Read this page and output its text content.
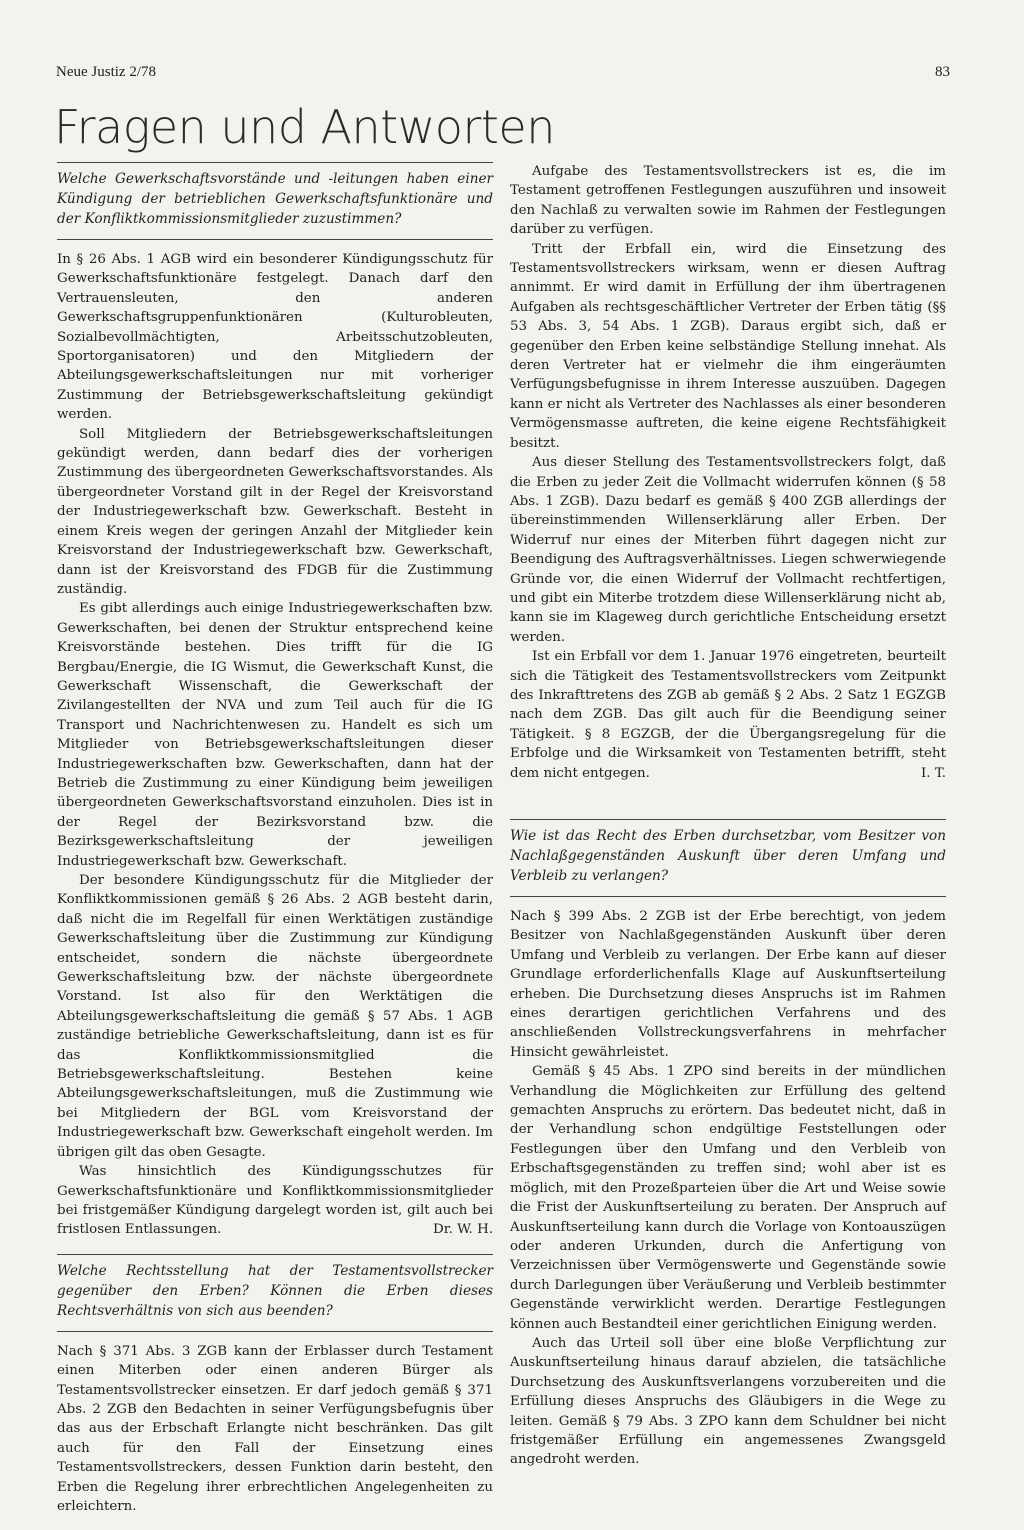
Neue Justiz 2/78	83
Fragen und Antworten
Welche Gewerkschaftsvorstände und -leitungen haben einer Kündigung der betrieblichen Gewerkschaftsfunktionäre und der Konfliktkommissionsmitglieder zuzustimmen?

In § 26 Abs. 1 AGB wird ein besonderer Kündigungsschutz für Gewerkschaftsfunktionäre festgelegt. Danach darf den Vertrauensleuten, den anderen Gewerkschaftsgruppenfunktionären (Kulturobleuten, Sozialbevollmächtigten, Arbeitsschutzobleuten, Sportorganisatoren) und den Mitgliedern der Abteilungsgewerkschaftsleitungen nur mit vorheriger Zustimmung der Betriebsgewerkschaftsleitung gekündigt werden.

Soll Mitgliedern der Betriebsgewerkschaftsleitungen gekündigt werden, dann bedarf dies der vorherigen Zustimmung des übergeordneten Gewerkschaftsvorstandes. Als übergeordneter Vorstand gilt in der Regel der Kreisvorstand der Industriegewerkschaft bzw. Gewerkschaft. Besteht in einem Kreis wegen der geringen Anzahl der Mitglieder kein Kreisvorstand der Industriegewerkschaft bzw. Gewerkschaft, dann ist der Kreisvorstand des FDGB für die Zustimmung zuständig.

Es gibt allerdings auch einige Industriegewerkschaften bzw. Gewerkschaften, bei denen der Struktur entsprechend keine Kreisvorstände bestehen. Dies trifft für die IG Bergbau/Energie, die IG Wismut, die Gewerkschaft Kunst, die Gewerkschaft Wissenschaft, die Gewerkschaft der Zivilangestellten der NVA und zum Teil auch für die IG Transport und Nachrichtenwesen zu. Handelt es sich um Mitglieder von Betriebsgewerkschaftsleitungen dieser Industriegewerkschaften bzw. Gewerkschaften, dann hat der Betrieb die Zustimmung zu einer Kündigung beim jeweiligen übergeordneten Gewerkschaftsvorstand einzuholen. Dies ist in der Regel der Bezirksvorstand bzw. die Bezirksgewerkschaftsleitung der jeweiligen Industriegewerkschaft bzw. Gewerkschaft.

Der besondere Kündigungsschutz für die Mitglieder der Konfliktkommissionen gemäß § 26 Abs. 2 AGB besteht darin, daß nicht die im Regelfall für einen Werktätigen zuständige Gewerkschaftsleitung über die Zustimmung zur Kündigung entscheidet, sondern die nächste übergeordnete Gewerkschaftsleitung bzw. der nächste übergeordnete Vorstand. Ist also für den Werktätigen die Abteilungsgewerkschaftsleitung die gemäß § 57 Abs. 1 AGB zuständige betriebliche Gewerkschaftsleitung, dann ist es für das Konfliktkommissionsmitglied die Betriebsgewerkschaftsleitung. Bestehen keine Abteilungsgewerkschaftsleitungen, muß die Zustimmung wie bei Mitgliedern der BGL vom Kreisvorstand der Industriegewerkschaft bzw. Gewerkschaft eingeholt werden. Im übrigen gilt das oben Gesagte.

Was hinsichtlich des Kündigungsschutzes für Gewerkschaftsfunktionäre und Konfliktkommissionsmitglieder bei fristgemäßer Kündigung dargelegt worden ist, gilt auch bei fristlosen Entlassungen.	Dr. W. H.
Welche Rechtsstellung hat der Testamentsvollstrecker gegenüber den Erben? Können die Erben dieses Rechtsverhältnis von sich aus beenden?

Nach § 371 Abs. 3 ZGB kann der Erblasser durch Testament einen Miterben oder einen anderen Bürger als Testamentsvollstrecker einsetzen. Er darf jedoch gemäß § 371 Abs. 2 ZGB den Bedachten in seiner Verfügungsbefugnis über das aus der Erbschaft Erlangte nicht beschränken. Das gilt auch für den Fall der Einsetzung eines Testamentsvollstreckers, dessen Funktion darin besteht, den Erben die Regelung ihrer erbrechtlichen Angelegenheiten zu erleichtern.

Aufgabe des Testamentsvollstreckers ist es, die im Testament getroffenen Festlegungen auszuführen und insoweit den Nachlaß zu verwalten sowie im Rahmen der Festlegungen darüber zu verfügen.

Tritt der Erbfall ein, wird die Einsetzung des Testamentsvollstreckers wirksam, wenn er diesen Auftrag annimmt. Er wird damit in Erfüllung der ihm übertragenen Aufgaben als rechtsgeschäftlicher Vertreter der Erben tätig (§§ 53 Abs. 3, 54 Abs. 1 ZGB). Daraus ergibt sich, daß er gegenüber den Erben keine selbständige Stellung innehat. Als deren Vertreter hat er vielmehr die ihm eingeräumten Verfügungsbefugnisse in ihrem Interesse auszuüben. Dagegen kann er nicht als Vertreter des Nachlasses als einer besonderen Vermögensmasse auftreten, die keine eigene Rechtsfähigkeit besitzt.

Aus dieser Stellung des Testamentsvollstreckers folgt, daß die Erben zu jeder Zeit die Vollmacht widerrufen können (§ 58 Abs. 1 ZGB). Dazu bedarf es gemäß § 400 ZGB allerdings der übereinstimmenden Willenserklärung aller Erben. Der Widerruf nur eines der Miterben führt dagegen nicht zur Beendigung des Auftragsverhältnisses. Liegen schwerwiegende Gründe vor, die einen Widerruf der Vollmacht rechtfertigen, und gibt ein Miterbe trotzdem diese Willenserklärung nicht ab, kann sie im Klageweg durch gerichtliche Entscheidung ersetzt werden.

Ist ein Erbfall vor dem 1. Januar 1976 eingetreten, beurteilt sich die Tätigkeit des Testamentsvollstreckers vom Zeitpunkt des Inkrafttretens des ZGB ab gemäß § 2 Abs. 2 Satz 1 EGZGB nach dem ZGB. Das gilt auch für die Beendigung seiner Tätigkeit. § 8 EGZGB, der die Übergangsregelung für die Erbfolge und die Wirksamkeit von Testamenten betrifft, steht dem nicht entgegen.	I. T.
Wie ist das Recht des Erben durchsetzbar, vom Besitzer von Nachlaßgegenständen Auskunft über deren Umfang und Verbleib zu verlangen?

Nach § 399 Abs. 2 ZGB ist der Erbe berechtigt, von jedem Besitzer von Nachlaßgegenständen Auskunft über deren Umfang und Verbleib zu verlangen. Der Erbe kann auf dieser Grundlage erforderlichenfalls Klage auf Auskunftserteilung erheben. Die Durchsetzung dieses Anspruchs ist im Rahmen eines derartigen gerichtlichen Verfahrens und des anschließenden Vollstreckungsverfahrens in mehrfacher Hinsicht gewährleistet.

Gemäß § 45 Abs. 1 ZPO sind bereits in der mündlichen Verhandlung die Möglichkeiten zur Erfüllung des geltend gemachten Anspruchs zu erörtern. Das bedeutet nicht, daß in der Verhandlung schon endgültige Feststellungen oder Festlegungen über den Umfang und den Verbleib von Erbschaftsgegenständen zu treffen sind; wohl aber ist es möglich, mit den Prozeßparteien über die Art und Weise sowie die Frist der Auskunftserteilung zu beraten. Der Anspruch auf Auskunftserteilung kann durch die Vorlage von Kontoauszügen oder anderen Urkunden, durch die Anfertigung von Verzeichnissen über Vermögenswerte und Gegenstände sowie durch Darlegungen über Veräußerung und Verbleib bestimmter Gegenstände verwirklicht werden. Derartige Festlegungen können auch Bestandteil einer gerichtlichen Einigung werden.

Auch das Urteil soll über eine bloße Verpflichtung zur Auskunftserteilung hinaus darauf abzielen, die tatsächliche Durchsetzung des Auskunftsverlangens vorzubereiten und die Erfüllung dieses Anspruchs des Gläubigers in die Wege zu leiten. Gemäß § 79 Abs. 3 ZPO kann dem Schuldner bei nicht fristgemäßer Erfüllung ein angemessenes Zwangsgeld angedroht werden.
